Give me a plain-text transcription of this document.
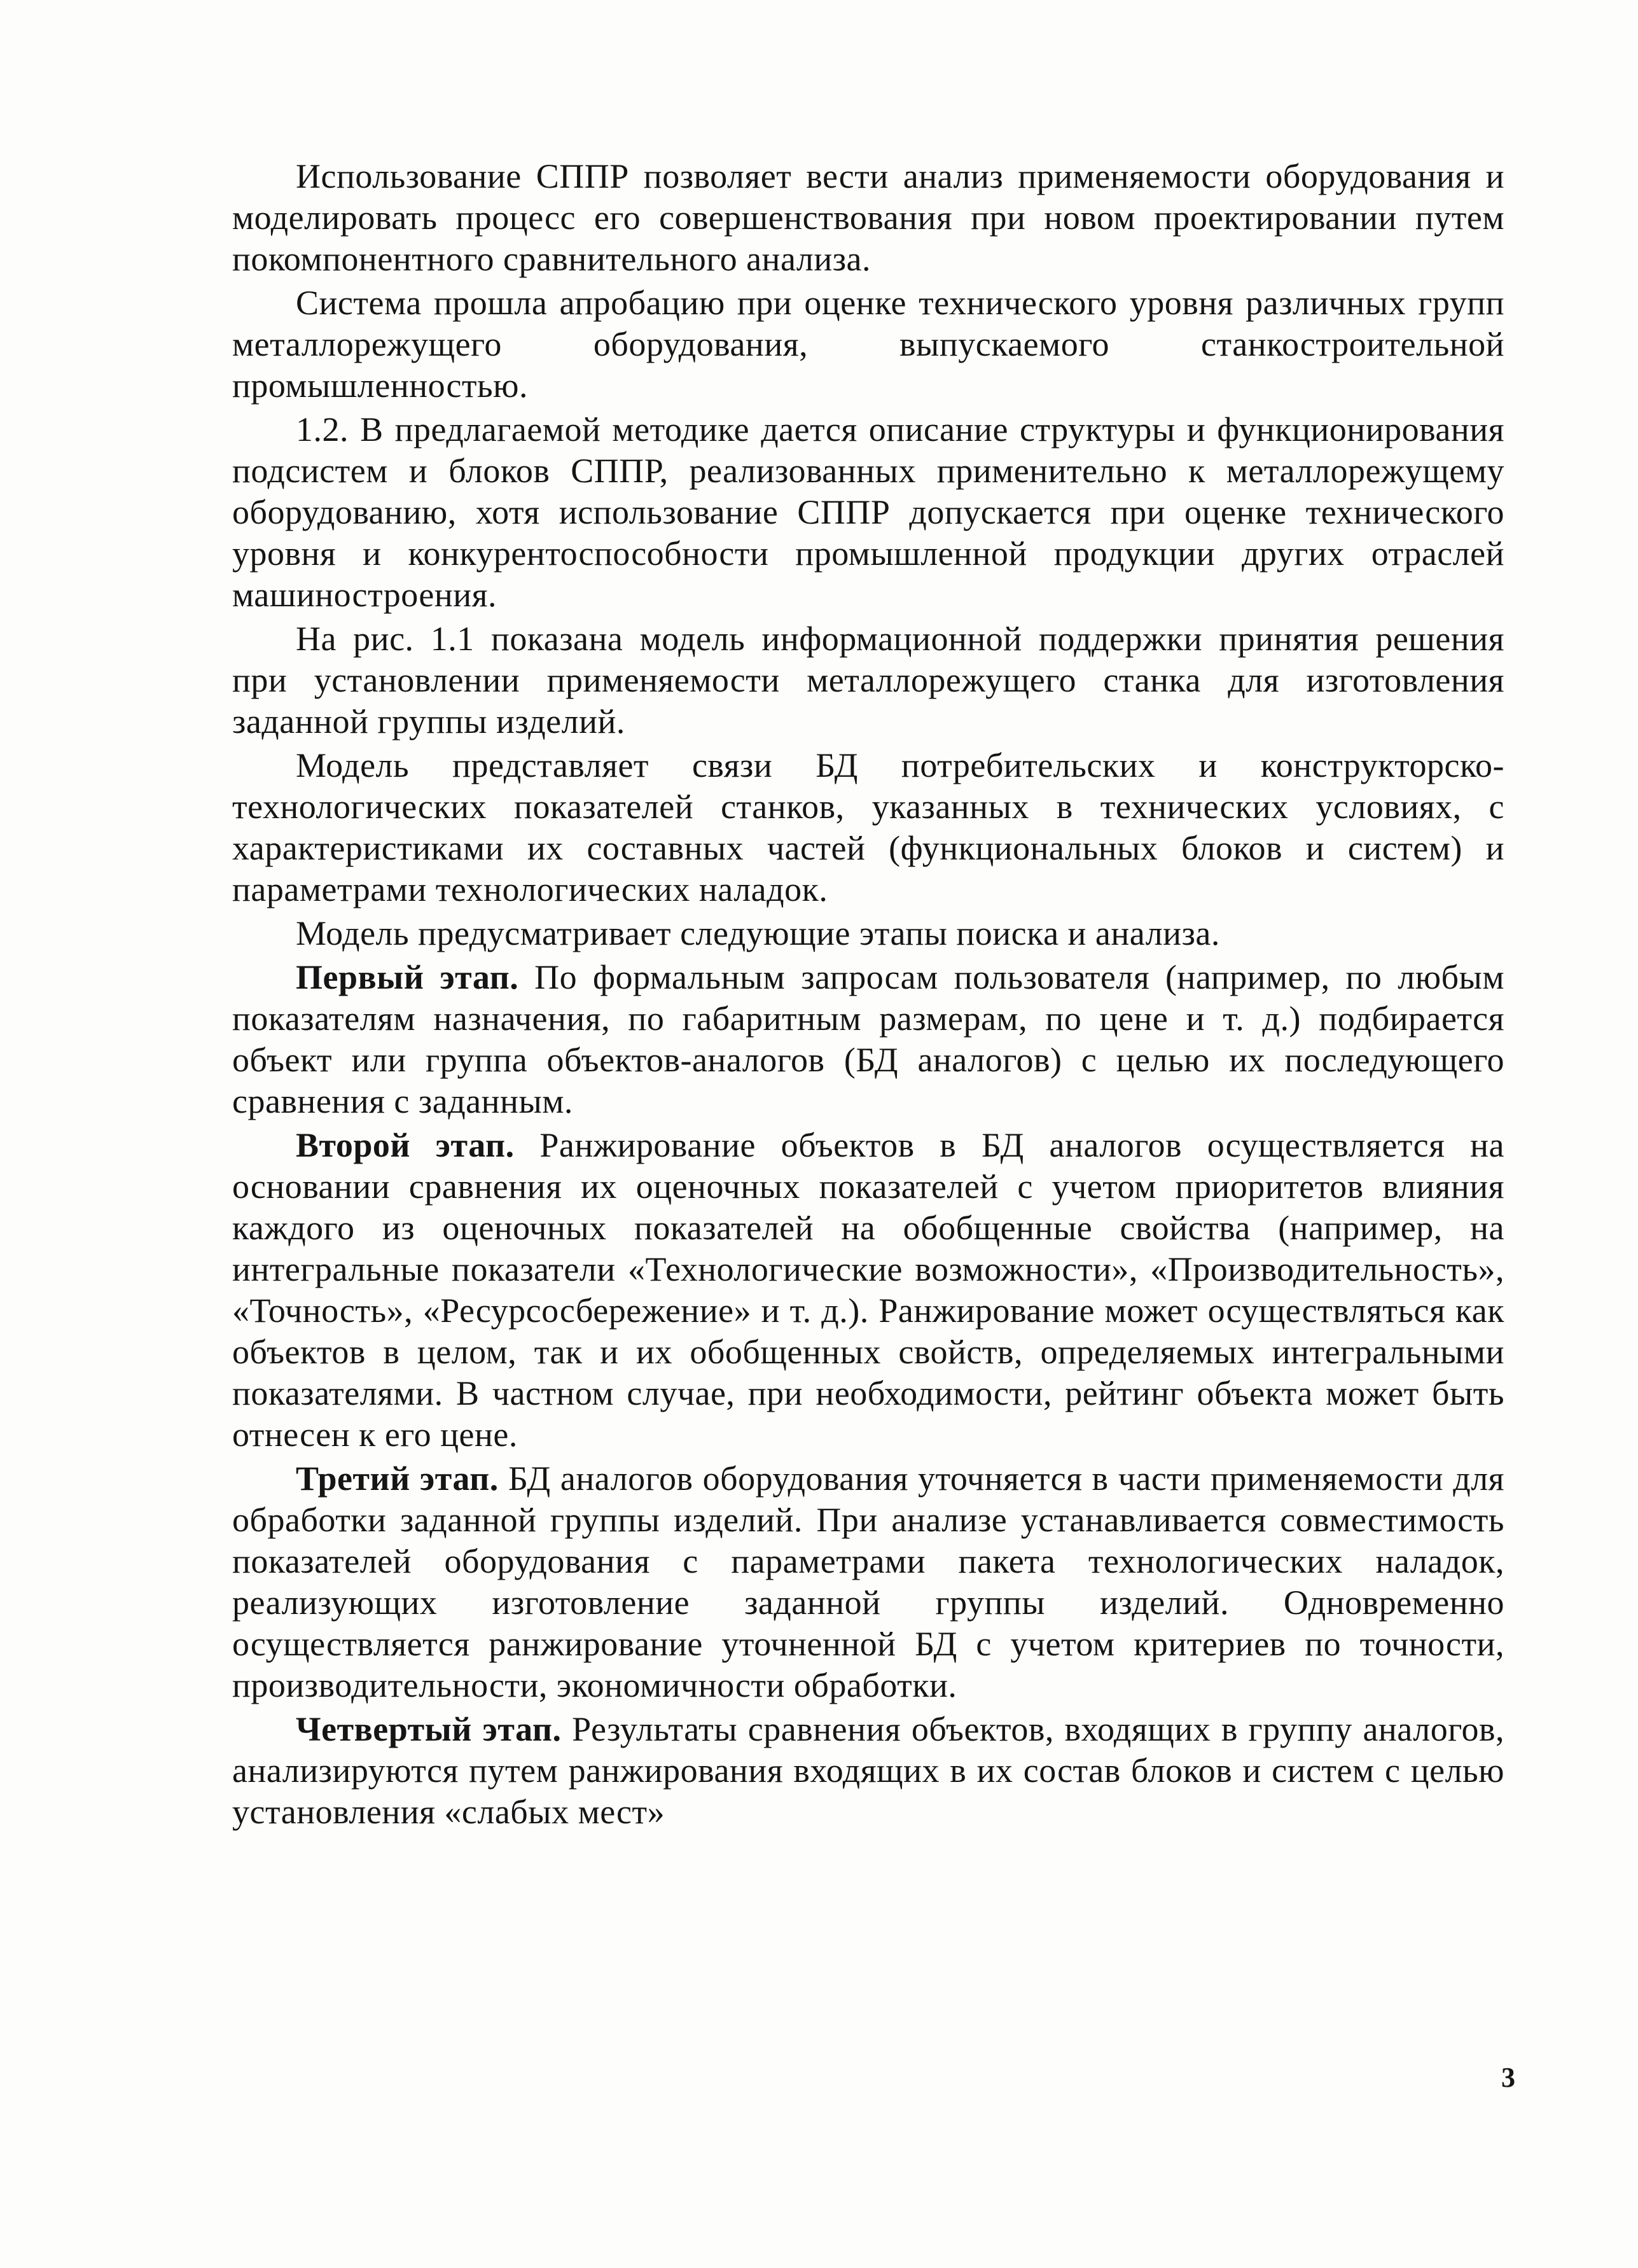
Использование СППР позволяет вести анализ применяемости оборудования и моделировать процесс его совершенствования при новом проектировании путем покомпонентного сравнительного анализа.

Система прошла апробацию при оценке технического уровня различных групп металлорежущего оборудования, выпускаемого станкостроительной промышленностью.

1.2. В предлагаемой методике дается описание структуры и функционирования подсистем и блоков СППР, реализованных применительно к металлорежущему оборудованию, хотя использование СППР допускается при оценке технического уровня и конкурентоспособности промышленной продукции других отраслей машиностроения.

На рис. 1.1 показана модель информационной поддержки принятия решения при установлении применяемости металлорежущего станка для изготовления заданной группы изделий.

Модель представляет связи БД потребительских и конструкторско-технологических показателей станков, указанных в технических условиях, с характеристиками их составных частей (функциональных блоков и систем) и параметрами технологических наладок.

Модель предусматривает следующие этапы поиска и анализа.

Первый этап. По формальным запросам пользователя (например, по любым показателям назначения, по габаритным размерам, по цене и т. д.) подбирается объект или группа объектов-аналогов (БД аналогов) с целью их последующего сравнения с заданным.

Второй этап. Ранжирование объектов в БД аналогов осуществляется на основании сравнения их оценочных показателей с учетом приоритетов влияния каждого из оценочных показателей на обобщенные свойства (например, на интегральные показатели «Технологические возможности», «Производительность», «Точность», «Ресурсосбережение» и т. д.). Ранжирование может осуществляться как объектов в целом, так и их обобщенных свойств, определяемых интегральными показателями. В частном случае, при необходимости, рейтинг объекта может быть отнесен к его цене.

Третий этап. БД аналогов оборудования уточняется в части применяемости для обработки заданной группы изделий. При анализе устанавливается совместимость показателей оборудования с параметрами пакета технологических наладок, реализующих изготовление заданной группы изделий. Одновременно осуществляется ранжирование уточненной БД с учетом критериев по точности, производительности, экономичности обработки.

Четвертый этап. Результаты сравнения объектов, входящих в группу аналогов, анализируются путем ранжирования входящих в их состав блоков и систем с целью установления «слабых мест»

3
